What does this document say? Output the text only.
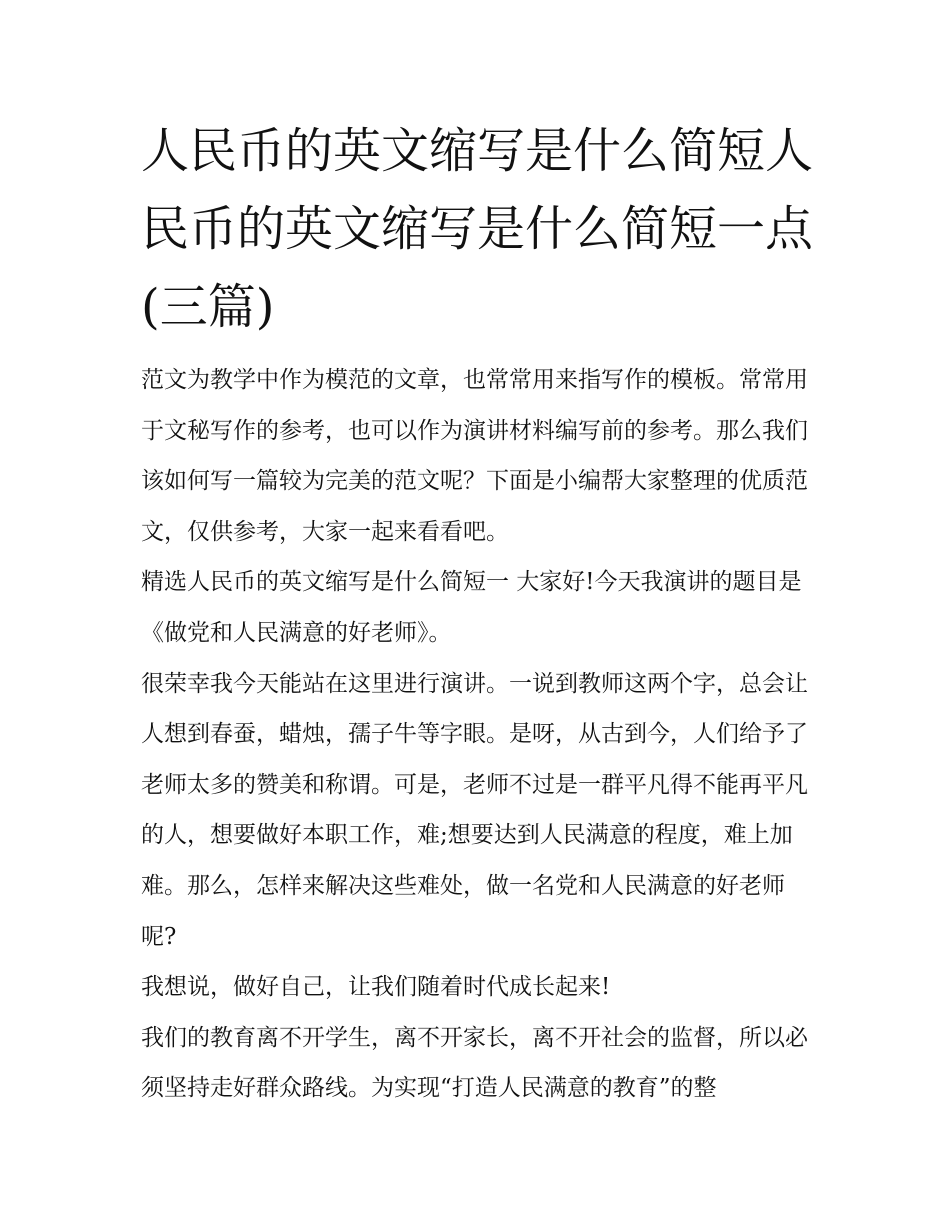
人民币的英文缩写是什么简短人民币的英文缩写是什么简短一点(三篇)

范文为教学中作为模范的文章，也常常用来指写作的模板。常常用于文秘写作的参考，也可以作为演讲材料编写前的参考。那么我们该如何写一篇较为完美的范文呢？下面是小编帮大家整理的优质范文，仅供参考，大家一起来看看吧。

精选人民币的英文缩写是什么简短一 大家好!今天我演讲的题目是《做党和人民满意的好老师》。

很荣幸我今天能站在这里进行演讲。一说到教师这两个字，总会让人想到春蚕，蜡烛，孺子牛等字眼。是呀，从古到今，人们给予了老师太多的赞美和称谓。可是，老师不过是一群平凡得不能再平凡的人，想要做好本职工作，难;想要达到人民满意的程度，难上加难。那么，怎样来解决这些难处，做一名党和人民满意的好老师呢?

我想说，做好自己，让我们随着时代成长起来!

我们的教育离不开学生，离不开家长，离不开社会的监督，所以必须坚持走好群众路线。为实现“打造人民满意的教育”的整
